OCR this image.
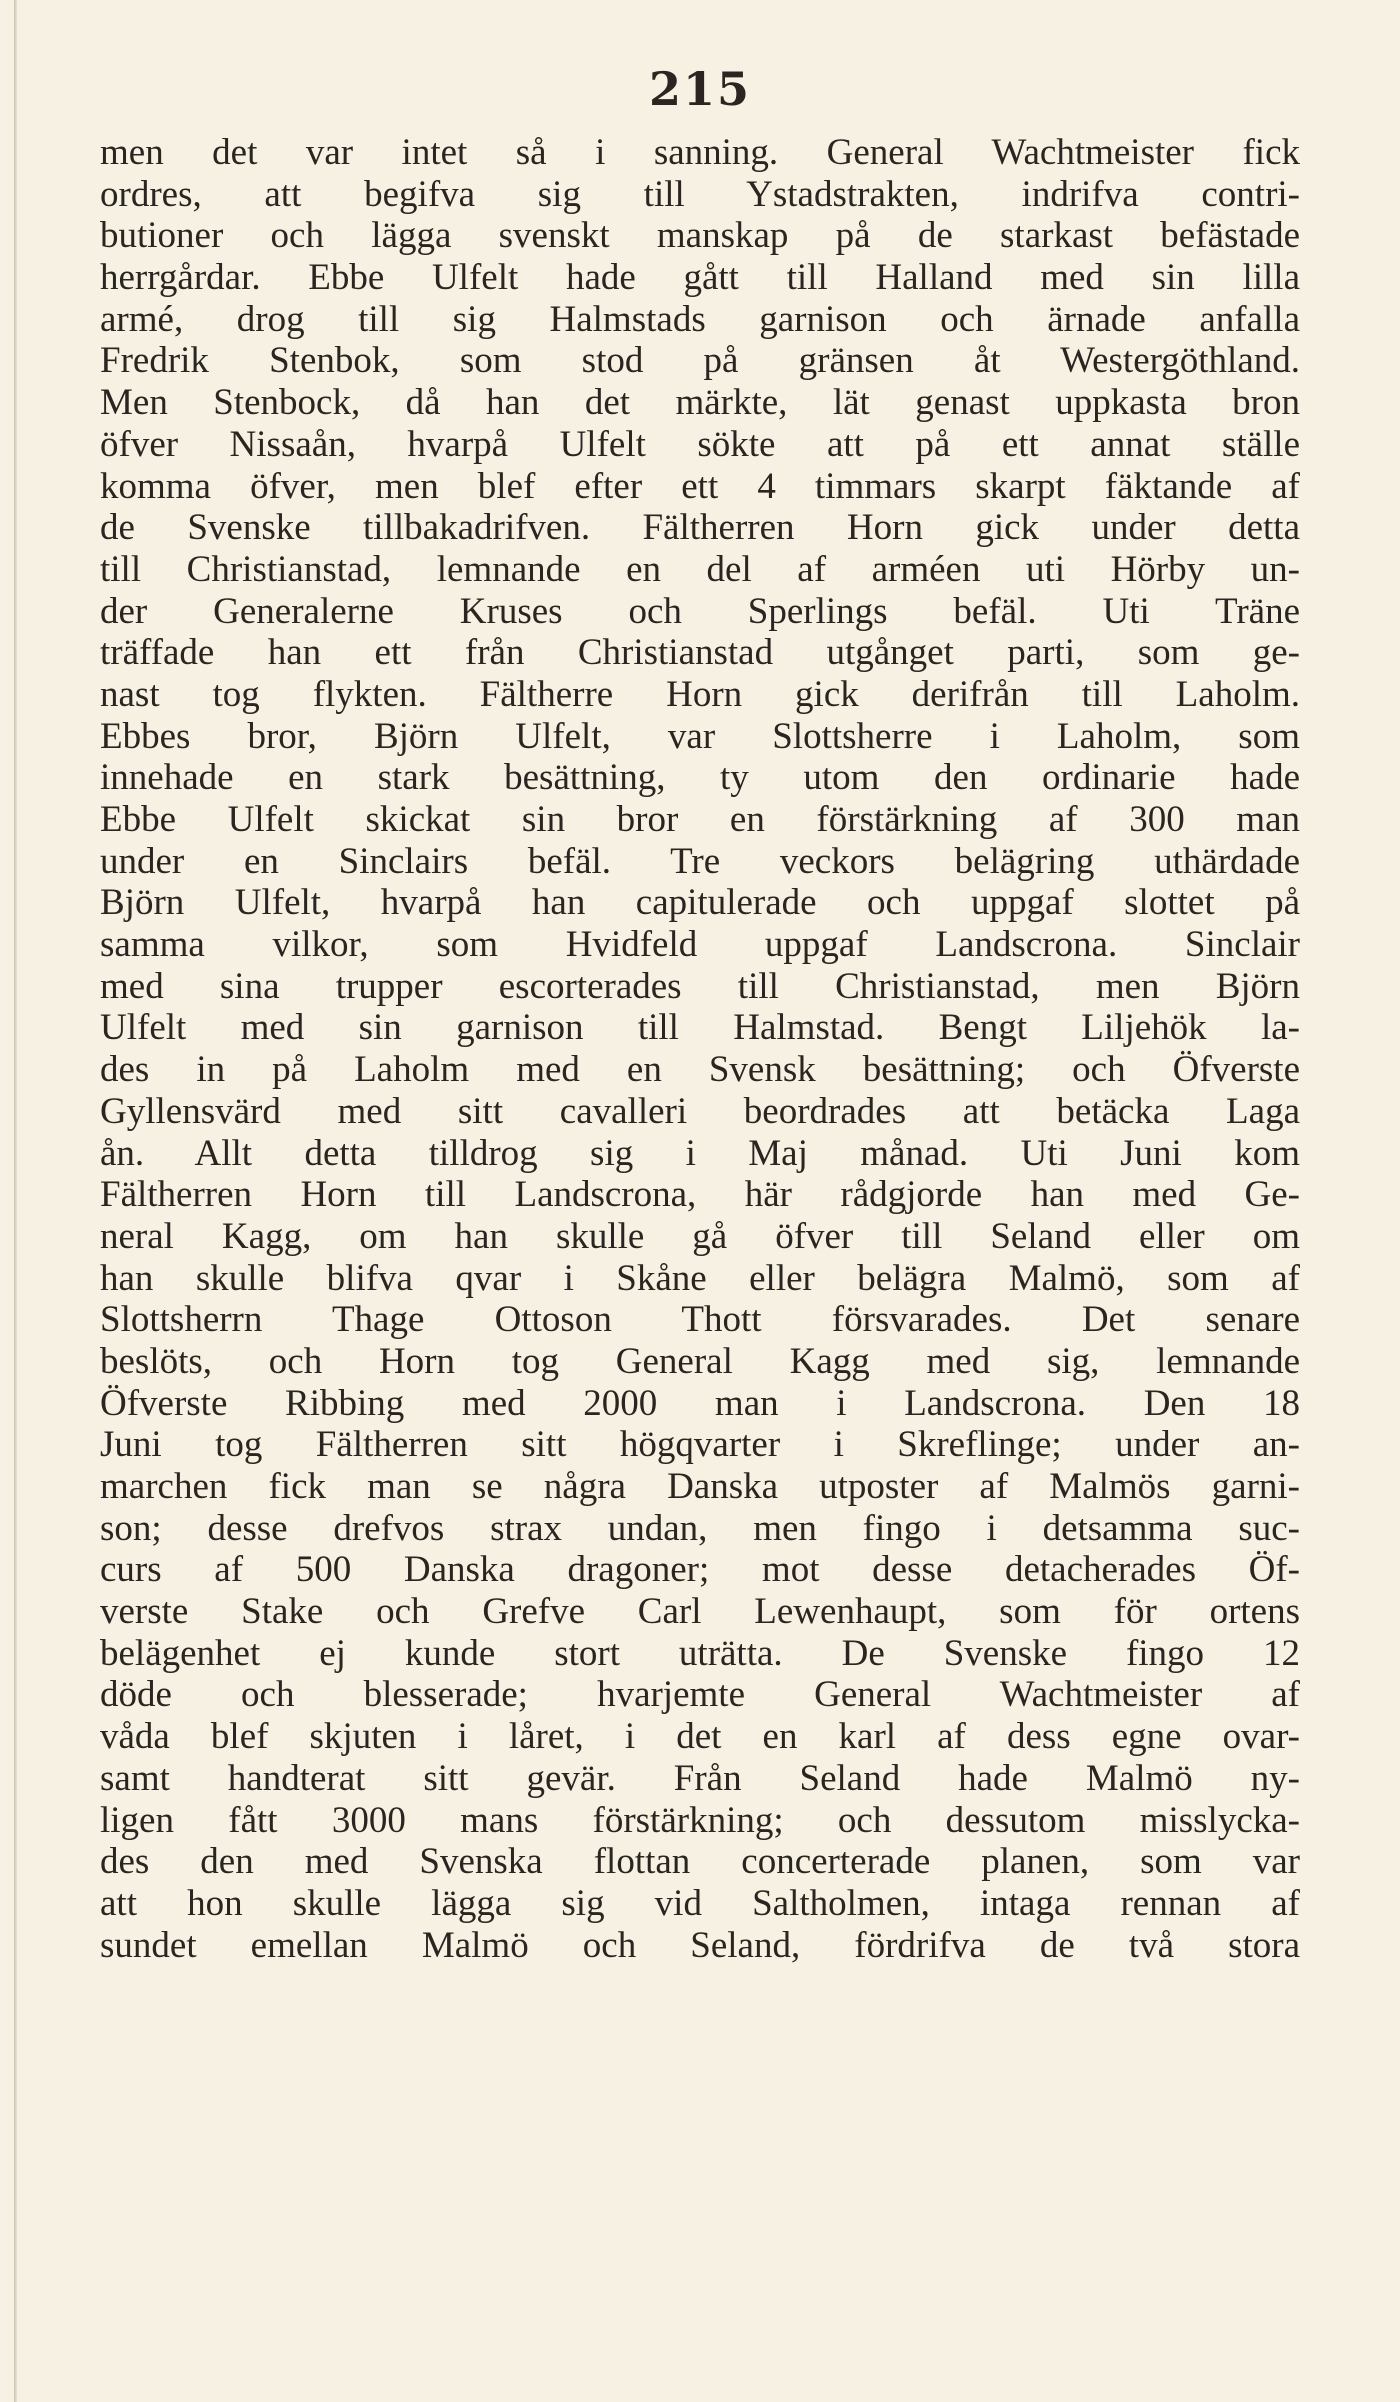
215
men det var intet så i sanning. General Wachtmeister fick
ordres, att begifva sig till Ystadstrakten, indrifva contri-
butioner och lägga svenskt manskap på de starkast befästade
herrgårdar. Ebbe Ulfelt hade gått till Halland med sin lilla
armé, drog till sig Halmstads garnison och ärnade anfalla
Fredrik Stenbok, som stod på gränsen åt Westergöthland.
Men Stenbock, då han det märkte, lät genast uppkasta bron
öfver Nissaån, hvarpå Ulfelt sökte att på ett annat ställe
komma öfver, men blef efter ett 4 timmars skarpt fäktande af
de Svenske tillbakadrifven. Fältherren Horn gick under detta
till Christianstad, lemnande en del af arméen uti Hörby un-
der Generalerne Kruses och Sperlings befäl. Uti Träne
träffade han ett från Christianstad utgånget parti, som ge-
nast tog flykten. Fältherre Horn gick derifrån till Laholm.
Ebbes bror, Björn Ulfelt, var Slottsherre i Laholm, som
innehade en stark besättning, ty utom den ordinarie hade
Ebbe Ulfelt skickat sin bror en förstärkning af 300 man
under en Sinclairs befäl. Tre veckors belägring uthärdade
Björn Ulfelt, hvarpå han capitulerade och uppgaf slottet på
samma vilkor, som Hvidfeld uppgaf Landscrona. Sinclair
med sina trupper escorterades till Christianstad, men Björn
Ulfelt med sin garnison till Halmstad. Bengt Liljehök la-
des in på Laholm med en Svensk besättning; och Öfverste
Gyllensvärd med sitt cavalleri beordrades att betäcka Laga
ån. Allt detta tilldrog sig i Maj månad. Uti Juni kom
Fältherren Horn till Landscrona, här rådgjorde han med Ge-
neral Kagg, om han skulle gå öfver till Seland eller om
han skulle blifva qvar i Skåne eller belägra Malmö, som af
Slottsherrn Thage Ottoson Thott försvarades. Det senare
beslöts, och Horn tog General Kagg med sig, lemnande
Öfverste Ribbing med 2000 man i Landscrona. Den 18
Juni tog Fältherren sitt högqvarter i Skreflinge; under an-
marchen fick man se några Danska utposter af Malmös garni-
son; desse drefvos strax undan, men fingo i detsamma suc-
curs af 500 Danska dragoner; mot desse detacherades Öf-
verste Stake och Grefve Carl Lewenhaupt, som för ortens
belägenhet ej kunde stort uträtta. De Svenske fingo 12
döde och blesserade; hvarjemte General Wachtmeister af
våda blef skjuten i låret, i det en karl af dess egne ovar-
samt handterat sitt gevär. Från Seland hade Malmö ny-
ligen fått 3000 mans förstärkning; och dessutom misslycka-
des den med Svenska flottan concerterade planen, som var
att hon skulle lägga sig vid Saltholmen, intaga rennan af
sundet emellan Malmö och Seland, fördrifva de två stora
